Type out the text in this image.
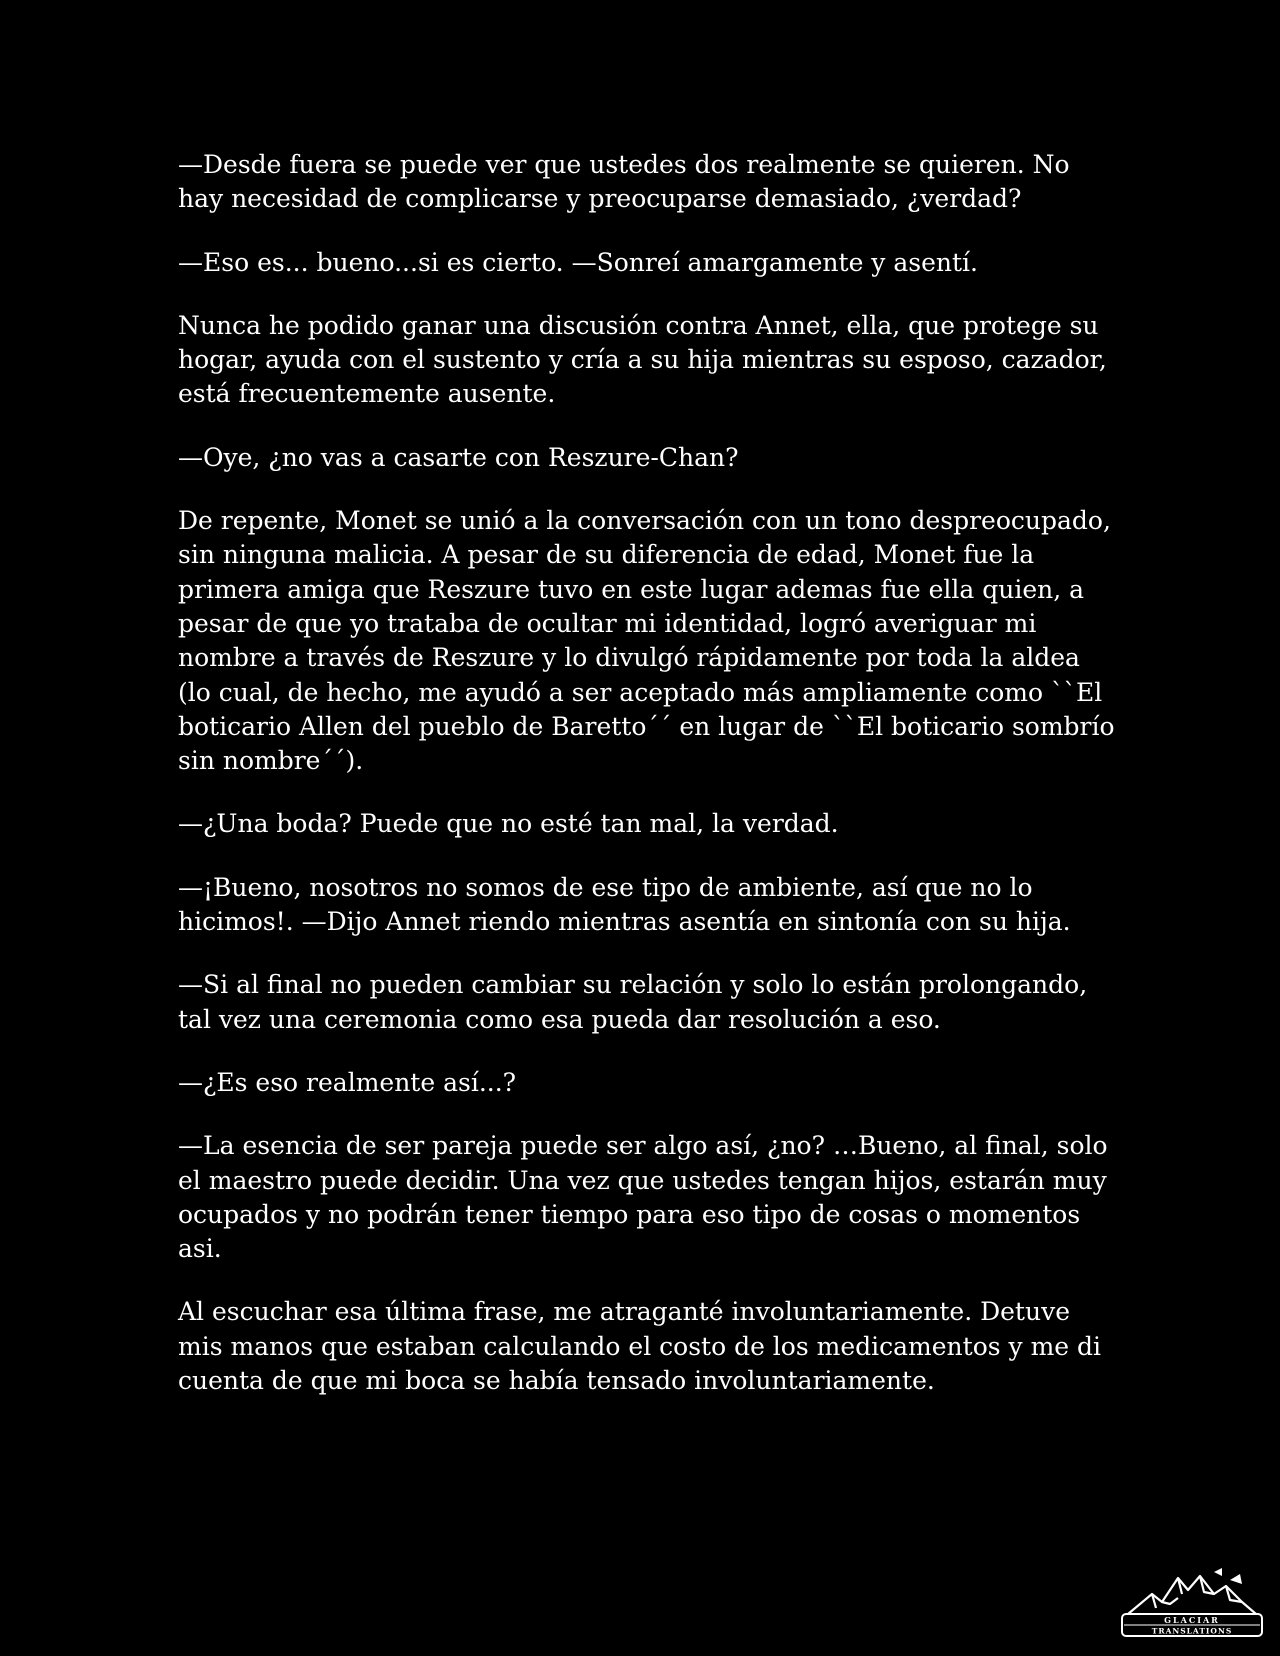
—Desde fuera se puede ver que ustedes dos realmente se quieren. No hay necesidad de complicarse y preocuparse demasiado, ¿verdad?

—Eso es... bueno...si es cierto. —Sonreí amargamente y asentí.

Nunca he podido ganar una discusión contra Annet, ella, que protege su hogar, ayuda con el sustento y cría a su hija mientras su esposo, cazador, está frecuentemente ausente.

—Oye, ¿no vas a casarte con Reszure-Chan?

De repente, Monet se unió a la conversación con un tono despreocupado, sin ninguna malicia. A pesar de su diferencia de edad, Monet fue la primera amiga que Reszure tuvo en este lugar ademas fue ella quien, a pesar de que yo trataba de ocultar mi identidad, logró averiguar mi nombre a través de Reszure y lo divulgó rápidamente por toda la aldea (lo cual, de hecho, me ayudó a ser aceptado más ampliamente como ``El boticario Allen del pueblo de Baretto´´ en lugar de ``El boticario sombrío sin nombre´´).

—¿Una boda? Puede que no esté tan mal, la verdad.

—¡Bueno, nosotros no somos de ese tipo de ambiente, así que no lo hicimos!. —Dijo Annet riendo mientras asentía en sintonía con su hija.

—Si al final no pueden cambiar su relación y solo lo están prolongando, tal vez una ceremonia como esa pueda dar resolución a eso.

—¿Es eso realmente así...?

—La esencia de ser pareja puede ser algo así, ¿no? …Bueno, al final, solo el maestro puede decidir. Una vez que ustedes tengan hijos, estarán muy ocupados y no podrán tener tiempo para eso tipo de cosas o momentos asi.

Al escuchar esa última frase, me atraganté involuntariamente. Detuve mis manos que estaban calculando el costo de los medicamentos y me di cuenta de que mi boca se había tensado involuntariamente.

GLACIAR
TRANSLATIONS
